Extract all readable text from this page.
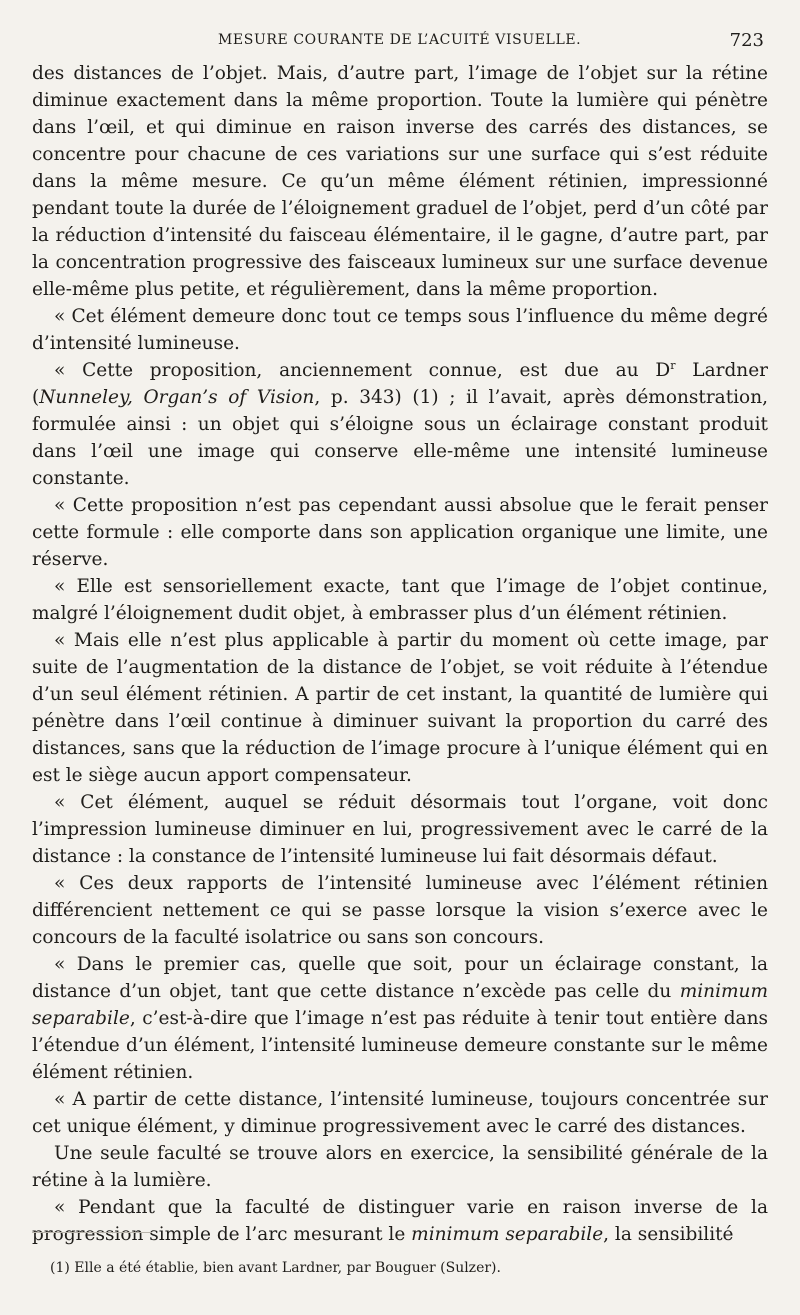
MESURE COURANTE DE L’ACUITÉ VISUELLE.	723

des distances de l’objet. Mais, d’autre part, l’image de l’objet sur la rétine diminue exactement dans la même proportion. Toute la lumière qui pénètre dans l’œil, et qui diminue en raison inverse des carrés des distances, se concentre pour chacune de ces variations sur une surface qui s’est réduite dans la même mesure. Ce qu’un même élément rétinien, impressionné pendant toute la durée de l’éloignement graduel de l’objet, perd d’un côté par la réduction d’intensité du faisceau élémentaire, il le gagne, d’autre part, par la concentration progressive des faisceaux lumineux sur une surface devenue elle-même plus petite, et régulièrement, dans la même proportion.

« Cet élément demeure donc tout ce temps sous l’influence du même degré d’intensité lumineuse.

« Cette proposition, anciennement connue, est due au $D^r$ Lardner (Nunneley, Organ’s of Vision, p. 343) (1) ; il l’avait, après démonstration, formulée ainsi : un objet qui s’éloigne sous un éclairage constant produit dans l’œil une image qui conserve elle-même une intensité lumineuse constante.

« Cette proposition n’est pas cependant aussi absolue que le ferait penser cette formule : elle comporte dans son application organique une limite, une réserve.

« Elle est sensoriellement exacte, tant que l’image de l’objet continue, malgré l’éloignement dudit objet, à embrasser plus d’un élément rétinien.

« Mais elle n’est plus applicable à partir du moment où cette image, par suite de l’augmentation de la distance de l’objet, se voit réduite à l’étendue d’un seul élément rétinien. A partir de cet instant, la quantité de lumière qui pénètre dans l’œil continue à diminuer suivant la proportion du carré des distances, sans que la réduction de l’image procure à l’unique élément qui en est le siège aucun apport compensateur.

« Cet élément, auquel se réduit désormais tout l’organe, voit donc l’impression lumineuse diminuer en lui, progressivement avec le carré de la distance : la constance de l’intensité lumineuse lui fait désormais défaut.

« Ces deux rapports de l’intensité lumineuse avec l’élément rétinien différencient nettement ce qui se passe lorsque la vision s’exerce avec le concours de la faculté isolatrice ou sans son concours.

« Dans le premier cas, quelle que soit, pour un éclairage constant, la distance d’un objet, tant que cette distance n’excède pas celle du minimum separabile, c’est-à-dire que l’image n’est pas réduite à tenir tout entière dans l’étendue d’un élément, l’intensité lumineuse demeure constante sur le même élément rétinien.

« A partir de cette distance, l’intensité lumineuse, toujours concentrée sur cet unique élément, y diminue progressivement avec le carré des distances.

Une seule faculté se trouve alors en exercice, la sensibilité générale de la rétine à la lumière.

« Pendant que la faculté de distinguer varie en raison inverse de la progression simple de l’arc mesurant le minimum separabile, la sensibilité

(1) Elle a été établie, bien avant Lardner, par Bouguer (Sulzer).
